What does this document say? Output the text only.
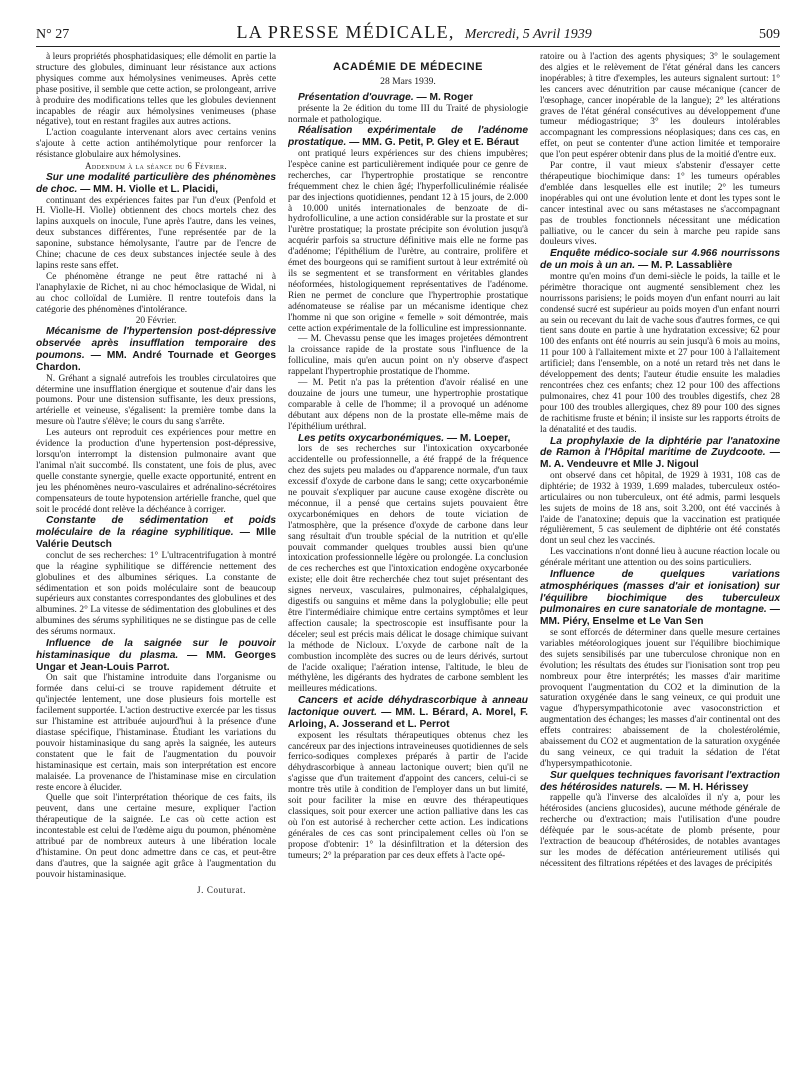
N° 27	LA PRESSE MÉDICALE, Mercredi, 5 Avril 1939	509

à leurs propriétés phosphatidasiques; elle démolit en partie la structure des globules, diminuant leur résistance aux actions physiques comme aux hémolysines venimeuses. Après cette phase positive, il semble que cette action, se prolongeant, arrive à produire des modifications telles que les globules deviennent incapables de réagir aux hémolysines venimeuses (phase négative), tout en restant fragiles aux autres actions.

L'action coagulante intervenant alors avec certains venins s'ajoute à cette action antihémolytique pour renforcer la résistance globulaire aux hémolysines.

Addendum à la séance du 6 Février.

Sur une modalité particulière des phénomènes de choc. — MM. H. Violle et L. Placidi,

continuant des expériences faites par l'un d'eux (Penfold et H. Violle-H. Violle) obtiennent des chocs mortels chez des lapins auxquels on inocule, l'une après l'autre, dans les veines, deux substances différentes, l'une représentée par de la saponine, substance hémolysante, l'autre par de l'encre de Chine; chacune de ces deux substances injectée seule à des lapins reste sans effet.

Ce phénomène étrange ne peut être rattaché ni à l'anaphylaxie de Richet, ni au choc hémoclasique de Widal, ni au choc colloïdal de Lumière. Il rentre toutefois dans la catégorie des phénomènes d'intolérance.

20 Février.

Mécanisme de l'hypertension post-dépressive observée après insufflation temporaire des poumons. — MM. André Tournade et Georges Chardon.

N. Gréhant a signalé autrefois les troubles circulatoires que détermine une insufflation énergique et soutenue d'air dans les poumons. Pour une distension suffisante, les deux pressions, artérielle et veineuse, s'égalisent: la première tombe dans la mesure où l'autre s'élève; le cours du sang s'arrête.

Les auteurs ont reproduit ces expériences pour mettre en évidence la production d'une hypertension post-dépressive, lorsqu'on interrompt la distension pulmonaire avant que l'animal n'ait succombé. Ils constatent, une fois de plus, avec quelle constante synergie, quelle exacte opportunité, entrent en jeu les phénomènes neuro-vasculaires et adrénalino-sécrétoires compensateurs de toute hypotension artérielle franche, quel que soit le procédé dont relève la déchéance à corriger.

Constante de sédimentation et poids moléculaire de la réagine syphilitique. — Mlle Valérie Deutsch

conclut de ses recherches: 1° L'ultracentrifugation à montré que la réagine syphilitique se différencie nettement des globulines et des albumines sériques. La constante de sédimentation et son poids moléculaire sont de beaucoup supérieurs aux constantes correspondantes des globulines et des albumines. 2° La vitesse de sédimentation des globulines et des albumines des sérums syphilitiques ne se distingue pas de celle des sérums normaux.

Influence de la saignée sur le pouvoir histaminasique du plasma. — MM. Georges Ungar et Jean-Louis Parrot.

On sait que l'histamine introduite dans l'organisme ou formée dans celui-ci se trouve rapidement détruite et qu'injectée lentement, une dose plusieurs fois mortelle est facilement supportée. L'action destructive exercée par les tissus sur l'histamine est attribuée aujourd'hui à la présence d'une diastase spécifique, l'histaminase. Étudiant les variations du pouvoir histaminasique du sang après la saignée, les auteurs constatent que le fait de l'augmentation du pouvoir histaminasique est certain, mais son interprétation est encore malaisée. La provenance de l'histaminase mise en circulation reste encore à élucider.

Quelle que soit l'interprétation théorique de ces faits, ils peuvent, dans une certaine mesure, expliquer l'action thérapeutique de la saignée. Le cas où cette action est incontestable est celui de l'œdème aigu du poumon, phénomène attribué par de nombreux auteurs à une libération locale d'histamine. On peut donc admettre dans ce cas, et peut-être dans d'autres, que la saignée agit grâce à l'augmentation du pouvoir histaminasique.

J. Couturat.
ACADÉMIE DE MÉDECINE
28 Mars 1939.

Présentation d'ouvrage. — M. Roger

présente la 2e édition du tome III du Traité de physiologie normale et pathologique.

Réalisation expérimentale de l'adénome prostatique. — MM. G. Petit, P. Gley et E. Béraut

ont pratiqué leurs expériences sur des chiens impubères; l'espèce canine est particulièrement indiquée pour ce genre de recherches, car l'hypertrophie prostatique se rencontre fréquemment chez le chien âgé; l'hyperfolliculinémie réalisée par des injections quotidiennes, pendant 12 à 15 jours, de 2.000 à 10.000 unités internationales de benzoate de di-hydrofolliculine, a une action considérable sur la prostate et sur l'urètre prostatique; la prostate précipite son évolution jusqu'à acquérir parfois sa structure définitive mais elle ne forme pas d'adénome; l'épithélium de l'urètre, au contraire, prolifère et émet des bourgeons qui se ramifient surtout à leur extrémité où ils se segmentent et se transforment en véritables glandes néoformées, histologiquement représentatives de l'adénome. Rien ne permet de conclure que l'hypertrophie prostatique adénomateuse se réalise par un mécanisme identique chez l'homme ni que son origine « femelle » soit démontrée, mais cette action expérimentale de la folliculine est impressionnante.

— M. Chevassu pense que les images projetées démontrent la croissance rapide de la prostate sous l'influence de la folliculine, mais qu'en aucun point on n'y observe d'aspect rappelant l'hypertrophie prostatique de l'homme.

— M. Petit n'a pas la prétention d'avoir réalisé en une douzaine de jours une tumeur, une hypertrophie prostatique comparable à celle de l'homme; il a provoqué un adénome débutant aux dépens non de la prostate elle-même mais de l'épithélium uréthral.

Les petits oxycarbonémiques. — M. Loeper,

lors de ses recherches sur l'intoxication oxycarbonée accidentelle ou professionnelle, a été frappé de la fréquence chez des sujets peu malades ou d'apparence normale, d'un taux excessif d'oxyde de carbone dans le sang; cette oxycarbonémie ne pouvait s'expliquer par aucune cause exogène discrète ou méconnue, il a pensé que certains sujets pouvaient être oxycarbonémiques en dehors de toute viciation de l'atmosphère, que la présence d'oxyde de carbone dans leur sang résultait d'un trouble spécial de la nutrition et qu'elle pouvait commander quelques troubles aussi bien qu'une intoxication professionnelle légère ou prolongée. La conclusion de ces recherches est que l'intoxication endogène oxycarbonée existe; elle doit être recherchée chez tout sujet présentant des signes nerveux, vasculaires, pulmonaires, céphalalgiques, digestifs ou sanguins et même dans la polyglobulie; elle peut être l'intermédiaire chimique entre certains symptômes et leur affection causale; la spectroscopie est insuffisante pour la déceler; seul est précis mais délicat le dosage chimique suivant la méthode de Nicloux. L'oxyde de carbone naît de la combustion incomplète des sucres ou de leurs dérivés, surtout de l'acide oxalique; l'aération intense, l'altitude, le bleu de méthylène, les digérants des hydrates de carbone semblent les meilleures médications.

Cancers et acide déhydrascorbique à anneau lactonique ouvert. — MM. L. Bérard, A. Morel, F. Arloing, A. Josserand et L. Perrot

exposent les résultats thérapeutiques obtenus chez les cancéreux par des injections intraveineuses quotidiennes de sels ferrico-sodiques complexes préparés à partir de l'acide déhydrascorbique à anneau lactonique ouvert; bien qu'il ne s'agisse que d'un traitement d'appoint des cancers, celui-ci se montre très utile à condition de l'employer dans un but limité, soit pour faciliter la mise en œuvre des thérapeutiques classiques, soit pour exercer une action palliative dans les cas où l'on est autorisé à rechercher cette action. Les indications générales de ces cas sont principalement celles où l'on se propose d'obtenir: 1° la désinfiltration et la détersion des tumeurs; 2° la préparation par ces deux effets à l'acte opé-

ratoire ou à l'action des agents physiques; 3° le soulagement des algies et le relèvement de l'état général dans les cancers inopérables; à titre d'exemples, les auteurs signalent surtout: 1° les cancers avec dénutrition par cause mécanique (cancer de l'œsophage, cancer inopérable de la langue); 2° les altérations graves de l'état général consécutives au développement d'une tumeur médiogastrique; 3° les douleurs intolérables accompagnant les compressions néoplasiques; dans ces cas, en effet, on peut se contenter d'une action limitée et temporaire que l'on peut espérer obtenir dans plus de la moitié d'entre eux.

Par contre, il vaut mieux s'abstenir d'essayer cette thérapeutique biochimique dans: 1° les tumeurs opérables d'emblée dans lesquelles elle est inutile; 2° les tumeurs inopérables qui ont une évolution lente et dont les types sont le cancer intestinal avec ou sans métastases ne s'accompagnant pas de troubles fonctionnels nécessitant une médication palliative, ou le cancer du sein à marche peu rapide sans douleurs vives.

Enquête médico-sociale sur 4.966 nourrissons de un mois à un an. — M. P. Lassablière

montre qu'en moins d'un demi-siècle le poids, la taille et le périmètre thoracique ont augmenté sensiblement chez les nourrissons parisiens; le poids moyen d'un enfant nourri au lait condensé sucré est supérieur au poids moyen d'un enfant nourri au sein ou recevant du lait de vache sous d'autres formes, ce qui tient sans doute en partie à une hydratation excessive; 62 pour 100 des enfants ont été nourris au sein jusqu'à 6 mois au moins, 11 pour 100 à l'allaitement mixte et 27 pour 100 à l'allaitement artificiel; dans l'ensemble, on a noté un retard très net dans le développement des dents; l'auteur étudie ensuite les maladies rencontrées chez ces enfants; chez 12 pour 100 des affections pulmonaires, chez 41 pour 100 des troubles digestifs, chez 28 pour 100 des troubles allergiques, chez 89 pour 100 des signes de rachitisme fruste et bénin; il insiste sur les rapports étroits de la dénatalité et des taudis.

La prophylaxie de la diphtérie par l'anatoxine de Ramon à l'Hôpital maritime de Zuydcoote. — M. A. Vendeuvre et Mlle J. Nigoul

ont observé dans cet hôpital, de 1929 à 1931, 108 cas de diphtérie; de 1932 à 1939, 1.699 malades, tuberculeux ostéo-articulaires ou non tuberculeux, ont été admis, parmi lesquels les sujets de moins de 18 ans, soit 3.200, ont été vaccinés à l'aide de l'anatoxine; depuis que la vaccination est pratiquée régulièrement, 5 cas seulement de diphtérie ont été constatés dont un seul chez les vaccinés.

Les vaccinations n'ont donné lieu à aucune réaction locale ou générale méritant une attention ou des soins particuliers.

Influence de quelques variations atmosphériques (masses d'air et ionisation) sur l'équilibre biochimique des tuberculeux pulmonaires en cure sanatoriale de montagne. — MM. Piéry, Enselme et Le Van Sen

se sont efforcés de déterminer dans quelle mesure certaines variables météorologiques jouent sur l'équilibre biochimique des sujets sensibilisés par une tuberculose chronique non en évolution; les résultats des études sur l'ionisation sont trop peu nombreux pour être interprétés; les masses d'air maritime provoquent l'augmentation du CO2 et la diminution de la saturation oxygénée dans le sang veineux, ce qui produit une vague d'hypersympathicotonie avec vasoconstriction et augmentation des échanges; les masses d'air continental ont des effets contraires: abaissement de la cholestérolémie, abaissement du CO2 et augmentation de la saturation oxygénée du sang veineux, ce qui traduit la sédation de l'état d'hypersympathicotonie.

Sur quelques techniques favorisant l'extraction des hétérosides naturels. — M. H. Hérissey

rappelle qu'à l'inverse des alcaloïdes il n'y a, pour les hétérosides (anciens glucosides), aucune méthode générale de recherche ou d'extraction; mais l'utilisation d'une poudre défèquée par le sous-acétate de plomb présente, pour l'extraction de beaucoup d'hétérosides, de notables avantages sur les modes de défécation antérieurement utilisés qui nécessitent des filtrations répétées et des lavages de précipités
